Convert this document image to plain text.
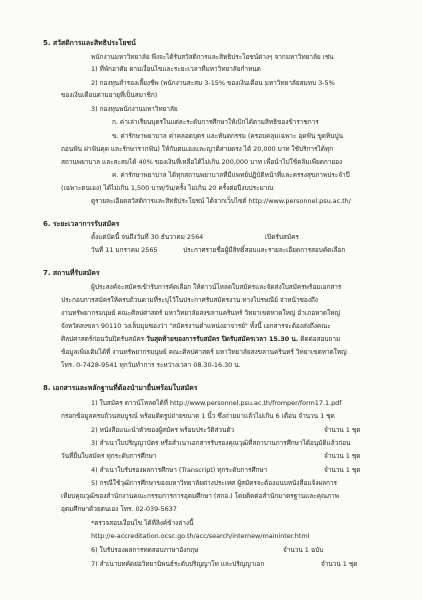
5. สวัสดิการและสิทธิประโยชน์
พนักงานมหาวิทยาลัย พึงจะได้รับสวัสดิการและสิทธิประโยชน์ต่างๆ จากมหาวิทยาลัย เช่น
1) ที่พักอาศัย ตามเงื่อนไขและระยะเวลาที่มหาวิทยาลัยกำหนด
2) กองทุนสำรองเลี้ยงชีพ (พนักงานสะสม 3-15% ของเงินเดือน มหาวิทยาลัยสมทบ 3-5%
ของเงินเดือนตามอายุที่เป็นสมาชิก)
3) กองทุนพนักงานมหาวิทยาลัย
ก. ค่าเล่าเรียนบุตรในแต่ละระดับการศึกษาให้เบิกได้ตามสิทธิของข้าราชการ
ข. ค่ารักษาพยาบาล ค่าคลอดบุตร และทันตกรรม (ครอบคลุมเฉพาะ อุดฟัน ขูดหินปูน
ถอนฟัน ผ่าฟันคุด และรักษารากฟัน) ให้กับตนเองและญาติสายตรง ได้ 20,000 บาท ใช้บริการได้ทุก
สถานพยาบาล และสะสมได้ 40% ของเงินที่เหลือได้ไม่เกิน 200,000 บาท เพื่อนำไปใช้คลิมเพียดกายอง
ค. ค่ารักษาพยาบาล ได้ทุกสถานพยาบาลที่มีแพทย์ปฏิบัติหน้าที่และครรงสุขภาพประจำปี
(เฉพาะตนเอง) ได้ไม่เกิน 1,500 บาท/วัน/ครั้ง ไม่เกิน 20 ครั้งต่อปีงบประมาณ
ดูรายละเอียดสวัสดิการและสิทธิประโยชน์ ได้จากเว็บไซต์ http://www.personnel.psu.ac.th/
6. ระยะเวลาการรับสมัคร
ตั้งแต่บัดนี้ จนถึงวันที่ 30 ธันวาคม 2564	เปิดรับสมัคร
วันที่ 11 มกราคม 2565	ประกาศรายชื่อผู้มีสิทธิ์สอบและรายละเอียดการสอบคัดเลือก
7. สถานที่รับสมัคร
ผู้ประสงค์จะสมัครเข้ารับการคัดเลือก ให้ดาวน์โหลดใบสมัครและจัดส่งใบสมัครพร้อมเอกสาร
ประกอบการสมัครให้ครบถ้วนตามที่ระบุไว้ในประกาศรับสมัครงาน ทางไปรษณีย์ จ่าหน้าซองถึง
งานทรัพยากรมนุษย์ คณะศิลปศาสตร์ มหาวิทยาลัยสงขลานครินทร์ วิทยาเขตหาดใหญ่ อำเภอหาดใหญ่
จังหวัดสงขลา 90110 วงเล็บมุมซองว่า "สมัครงานตำแหน่งอาจารย์" ทั้งนี้ เอกสารจะต้องส่งถึงคณะ
ศิลปศาสตร์ก่อนวันปิดรับสมัคร วันสุดท้ายของการรับสมัคร ปิดรับสมัครเวลา 15.30 น. ติดต่อสอบถาม
ข้อมูลเพิ่มเติมได้ที่ งานทรัพยากรมนุษย์ คณะศิลปศาสตร์ มหาวิทยาลัยสงขลานครินทร์ วิทยาเขตหาดใหญ่
โทร. 0-7428-9541 ทุกวันทำการ ระหว่างเวลา 08.30-16.30 น.
8. เอกสารและหลักฐานที่ต้องนำมายื่นพร้อมใบสมัคร
1) ใบสมัคร ดาวน์โหลดได้ที่ http://www.personnel.psu.ac.th/fromper/form17.1.pdf
กรอกข้อมูลครบถ้วนสมบูรณ์ พร้อมติดรูปถ่ายขนาด 1 นิ้ว ซึ่งถ่ายมาแล้วไม่เกิน 6 เดือน จำนวน 1 ชุด
2) หนังสือแนะนำตัวของผู้สมัคร พร้อมประวัติส่วนตัว	จำนวน 1 ชุด
3) สำเนาใบปริญญาบัตร หรือสำเนาเอกสารรับรองคุณวุฒิที่สถาบานการศึกษาได้อนุมัติแล้วก่อน
วันที่ยื่นใบสมัคร ทุกระดับการศึกษา	จำนวน 1 ชุด
4) สำเนาใบรับรองผลการศึกษา (Transcript) ทุกระดับการศึกษา	จำนวน 1 ชุด
5) กรณีใช้วุฒิการศึกษาของมหาวิทยาลัยต่างประเทศ ผู้สมัครจะต้องแนบหนังสือแจ้งผลการ
เทียบคุณวุฒิของสำนักงานคณะกรรมการการอุดมศึกษา (สกอ.) โดยติดต่อสำนักมาตรฐานและคุณภาพ
อุดมศึกษาด้วยตนเอง โทร. 02-039-5637
*ตรวจสอบเงื่อนไข ได้ที่ลิงค์ข้างล่างนี้
http://e-accreditation.ocsc.go.th/acc/search/internew/maininter.html
6) ใบรับรองผลการทดสอบภาษาอังกฤษ	จำนวน 1 ฉบับ
7) สำเนาบทคัดย่อวิทยานิพนธ์ระดับปริญญาโท และปริญญาเอก	จำนวน 1 ชุด
